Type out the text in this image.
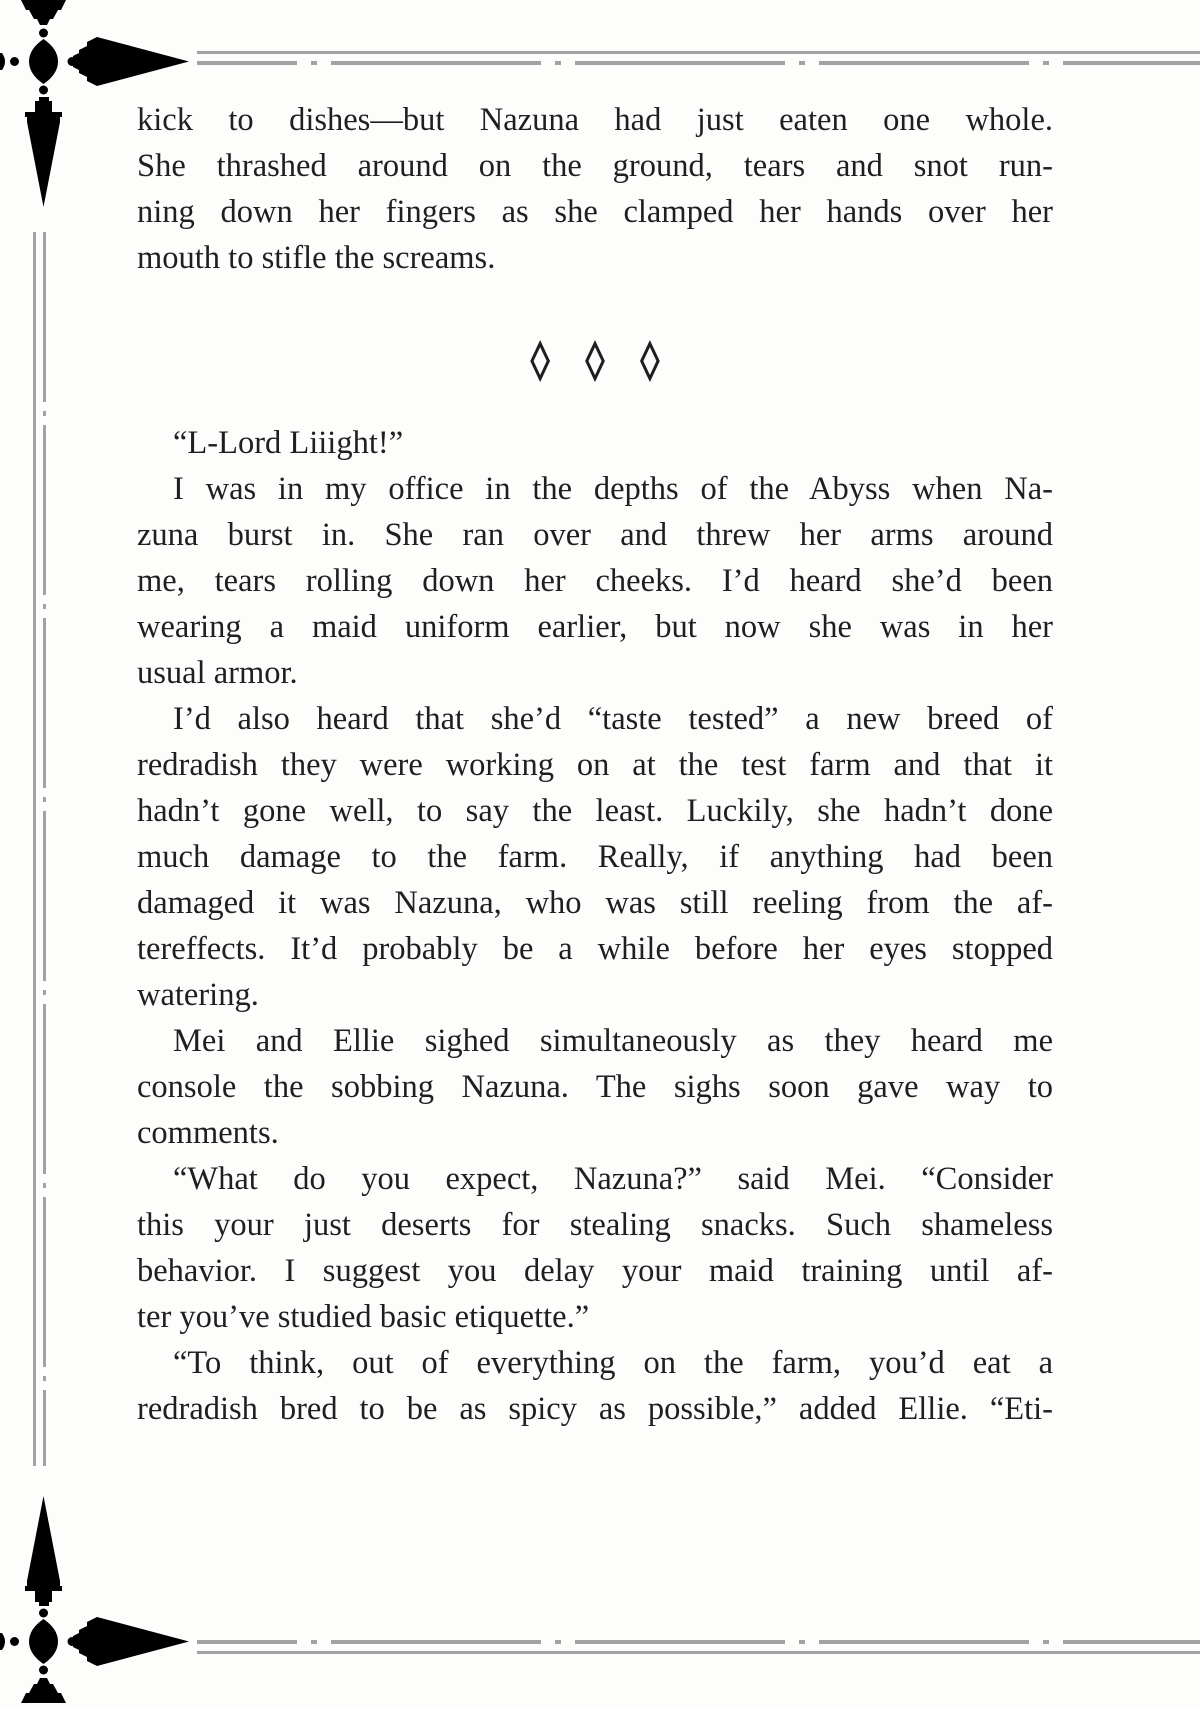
kick to dishes—but Nazuna had just eaten one whole.
She thrashed around on the ground, tears and snot run-
ning down her fingers as she clamped her hands over her
mouth to stifle the screams.
◊ ◊ ◊
“L-Lord Liiight!”
I was in my office in the depths of the Abyss when Na-
zuna burst in. She ran over and threw her arms around
me, tears rolling down her cheeks. I’d heard she’d been
wearing a maid uniform earlier, but now she was in her
usual armor.
I’d also heard that she’d “taste tested” a new breed of
redradish they were working on at the test farm and that it
hadn’t gone well, to say the least. Luckily, she hadn’t done
much damage to the farm. Really, if anything had been
damaged it was Nazuna, who was still reeling from the af-
tereffects. It’d probably be a while before her eyes stopped
watering.
Mei and Ellie sighed simultaneously as they heard me
console the sobbing Nazuna. The sighs soon gave way to
comments.
“What do you expect, Nazuna?” said Mei. “Consider
this your just deserts for stealing snacks. Such shameless
behavior. I suggest you delay your maid training until af-
ter you’ve studied basic etiquette.”
“To think, out of everything on the farm, you’d eat a
redradish bred to be as spicy as possible,” added Ellie. “Eti-
